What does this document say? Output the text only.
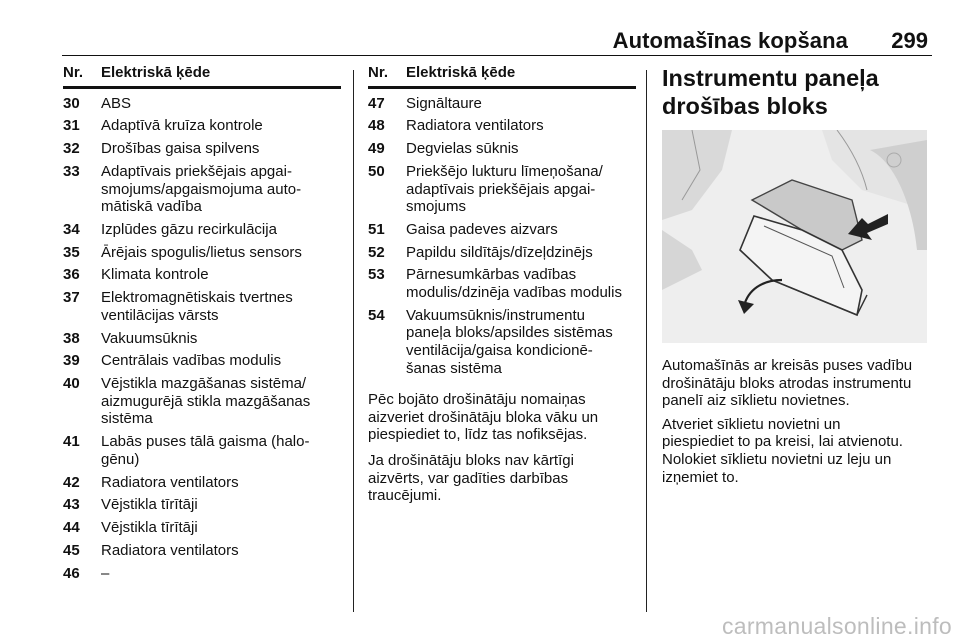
Automašīnas kopšana 299
Nr.	Elektriskā ķēde
30	ABS
31	Adaptīvā kruīza kontrole
32	Drošības gaisa spilvens
33	Adaptīvais priekšējais apgai-
smojums/apgaismojuma auto-
mātiskā vadība
34	Izplūdes gāzu recirkulācija
35	Ārējais spogulis/lietus sensors
36	Klimata kontrole
37	Elektromagnētiskais tvertnes
ventilācijas vārsts
38	Vakuumsūknis
39	Centrālais vadības modulis
40	Vējstikla mazgāšanas sistēma/
aizmugurējā stikla mazgāšanas
sistēma
41	Labās puses tālā gaisma (halo-
gēnu)
42	Radiatora ventilators
43	Vējstikla tīrītāji
44	Vējstikla tīrītāji
45	Radiatora ventilators
46	–
Nr.	Elektriskā ķēde
47	Signāltaure
48	Radiatora ventilators
49	Degvielas sūknis
50	Priekšējo lukturu līmeņošana/
adaptīvais priekšējais apgai-
smojums
51	Gaisa padeves aizvars
52	Papildu sildītājs/dīzeļdzinējs
53	Pārnesumkārbas vadības
modulis/dzinēja vadības modulis
54	Vakuumsūknis/instrumentu
paneļa bloks/apsildes sistēmas
ventilācija/gaisa kondicionē-
šanas sistēma

Pēc bojāto drošinātāju nomaiņas
aizveriet drošinātāju bloka vāku un
piespiediet to, līdz tas nofiksējas.

Ja drošinātāju bloks nav kārtīgi
aizvērts, var gadīties darbības
traucējumi.

Instrumentu paneļa
drošības bloks

Automašīnās ar kreisās puses vadību
drošinātāju bloks atrodas instrumentu
panelī aiz sīklietu novietnes.

Atveriet sīklietu novietni un
piespiediet to pa kreisi, lai atvienotu.
Nolokiet sīklietu novietni uz leju un
izņemiet to.

carmanualsonline.info
